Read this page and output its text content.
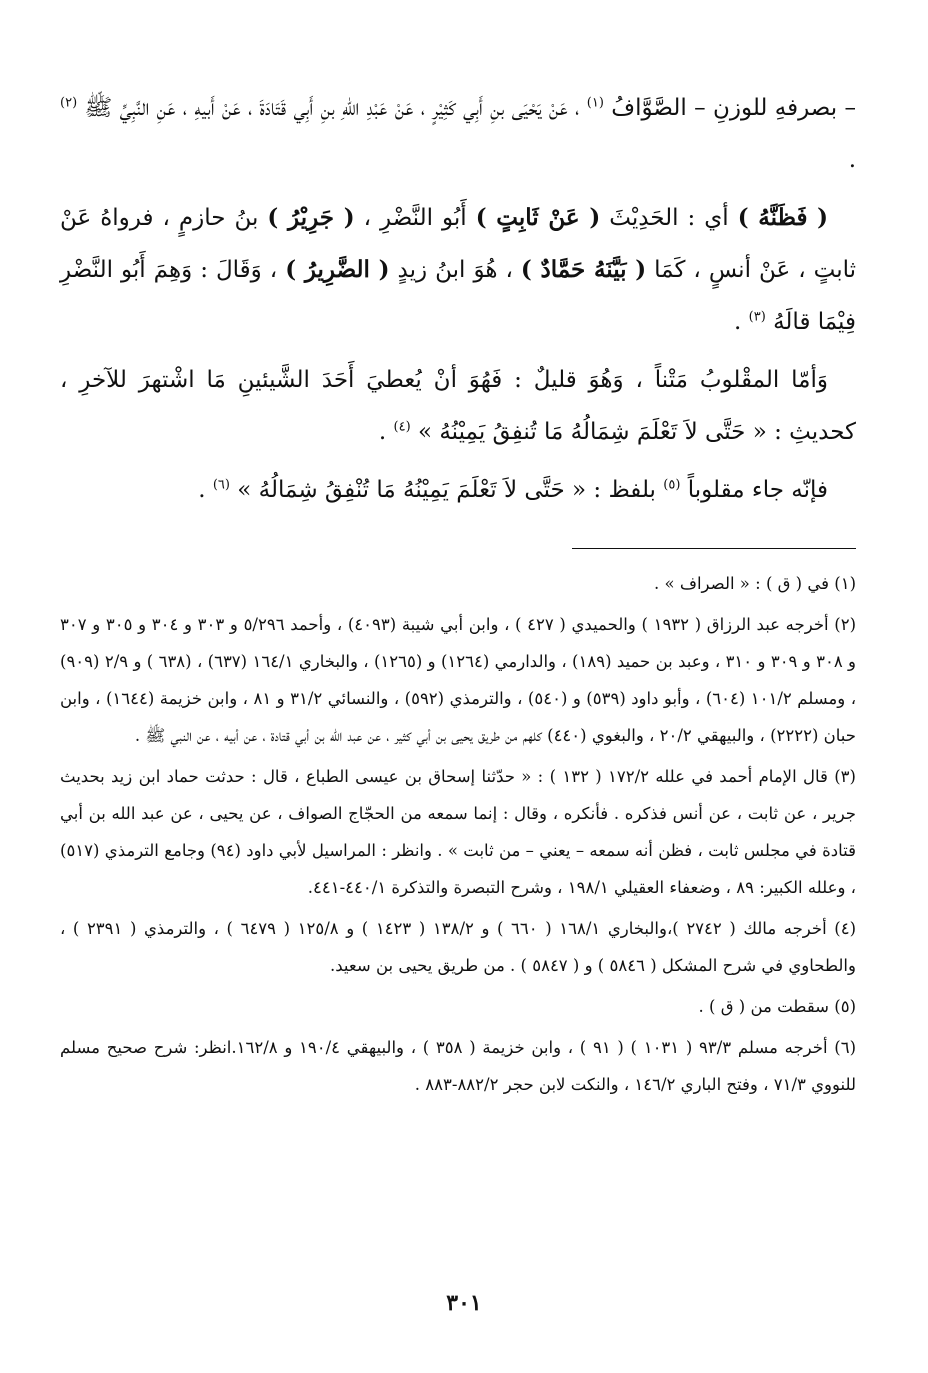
– بصرفهِ للوزنِ – الصَّوَّافُ $^{(١)}$ ، عَنْ يَحْيَى بنِ أَبِي كَثِيْرٍ ، عَنْ عَبْدِ اللهِ بنِ أَبِي قَتَادَةَ ، عَنْ أَبيهِ ، عَنِ النَّبِيِّ ﷺ $^{(٢)}$ .

( فَظَنَّهُ ) أي : الحَدِيْثَ ( عَنْ ثَابِتٍ ) أَبُو النَّضْرِ ، ( جَرِيْرُ ) بنُ حازمٍ ، فرواهُ عَنْ ثابتٍ ، عَنْ أنسٍ ، كَمَا ( بَيَّنَهُ حَمَّادٌ ) ، هُوَ ابنُ زيدٍ ( الضَّرِيرُ ) ، وَقَالَ : وَهِمَ أَبُو النَّضْرِ فِيْمَا قالَهُ $^{(٣)}$ .

وَأمّا المقْلوبُ مَتْناً ، وَهُوَ قليلٌ : فَهُوَ أنْ يُعطيَ أَحَدَ الشَّيئينِ مَا اشْتهرَ للآخرِ ، كحديثِ : « حَتَّى لاَ تَعْلَمَ شِمَالُهُ مَا تُنفِقُ يَمِيْنُهُ » $^{(٤)}$ .

فإنّه جاء مقلوباً $^{(٥)}$ بلفظ : « حَتَّى لاَ تَعْلَمَ يَمِيْنُهُ مَا تُنْفِقُ شِمَالُهُ » $^{(٦)}$ .

(١) في ( ق ) : « الصراف » .

(٢) أخرجه عبد الرزاق ( ١٩٣٢ ) والحميدي ( ٤٢٧ ) ، وابن أبي شيبة (٤٠٩٣) ، وأحمد ٥/٢٩٦ و ٣٠٣ و ٣٠٤ و ٣٠٥ و ٣٠٧ و ٣٠٨ و ٣٠٩ و ٣١٠ ، وعبد بن حميد (١٨٩) ، والدارمي (١٢٦٤) و (١٢٦٥) ، والبخاري ١٦٤/١ (٦٣٧) ، (٦٣٨ ) و ٢/٩ (٩٠٩) ، ومسلم ١٠١/٢ (٦٠٤) ، وأبو داود (٥٣٩) و (٥٤٠) ، والترمذي (٥٩٢) ، والنسائي ٣١/٢ و ٨١ ، وابن خزيمة (١٦٤٤) ، وابن حبان (٢٢٢٢) ، والبيهقي ٢٠/٢ ، والبغوي (٤٤٠) كلهم من طريق يحيى بن أبي كثير ، عن عبد الله بن أبي قتادة ، عن أبيه ، عن النبي ﷺ .

(٣) قال الإمام أحمد في علله ١٧٢/٢ ( ١٣٢ ) : « حدّثنا إسحاق بن عيسى الطباع ، قال : حدثت حماد ابن زيد بحديث جرير ، عن ثابت ، عن أنس فذكره . فأنكره ، وقال : إنما سمعه من الحجّاج الصواف ، عن يحيى ، عن عبد الله بن أبي قتادة في مجلس ثابت ، فظن أنه سمعه – يعني – من ثابت » . وانظر : المراسيل لأبي داود (٩٤) وجامع الترمذي (٥١٧) ، وعلله الكبير: ٨٩ ، وضعفاء العقيلي ١٩٨/١ ، وشرح التبصرة والتذكرة ٤٤٠/١-٤٤١.

(٤) أخرجه مالك ( ٢٧٤٢ )،والبخاري ١٦٨/١ ( ٦٦٠ ) و ١٣٨/٢ ( ١٤٢٣ ) و ١٢٥/٨ ( ٦٤٧٩ ) ، والترمذي ( ٢٣٩١ ) ، والطحاوي في شرح المشكل ( ٥٨٤٦ ) و ( ٥٨٤٧ ) . من طريق يحيى بن سعيد.

(٥) سقطت من ( ق ) .

(٦) أخرجه مسلم ٩٣/٣ ( ١٠٣١ ) ( ٩١ ) ، وابن خزيمة ( ٣٥٨ ) ، والبيهقي ١٩٠/٤ و ١٦٢/٨.انظر: شرح صحيح مسلم للنووي ٧١/٣ ، وفتح الباري ١٤٦/٢ ، والنكت لابن حجر ٨٨٢/٢-٨٨٣ .

٣٠١
